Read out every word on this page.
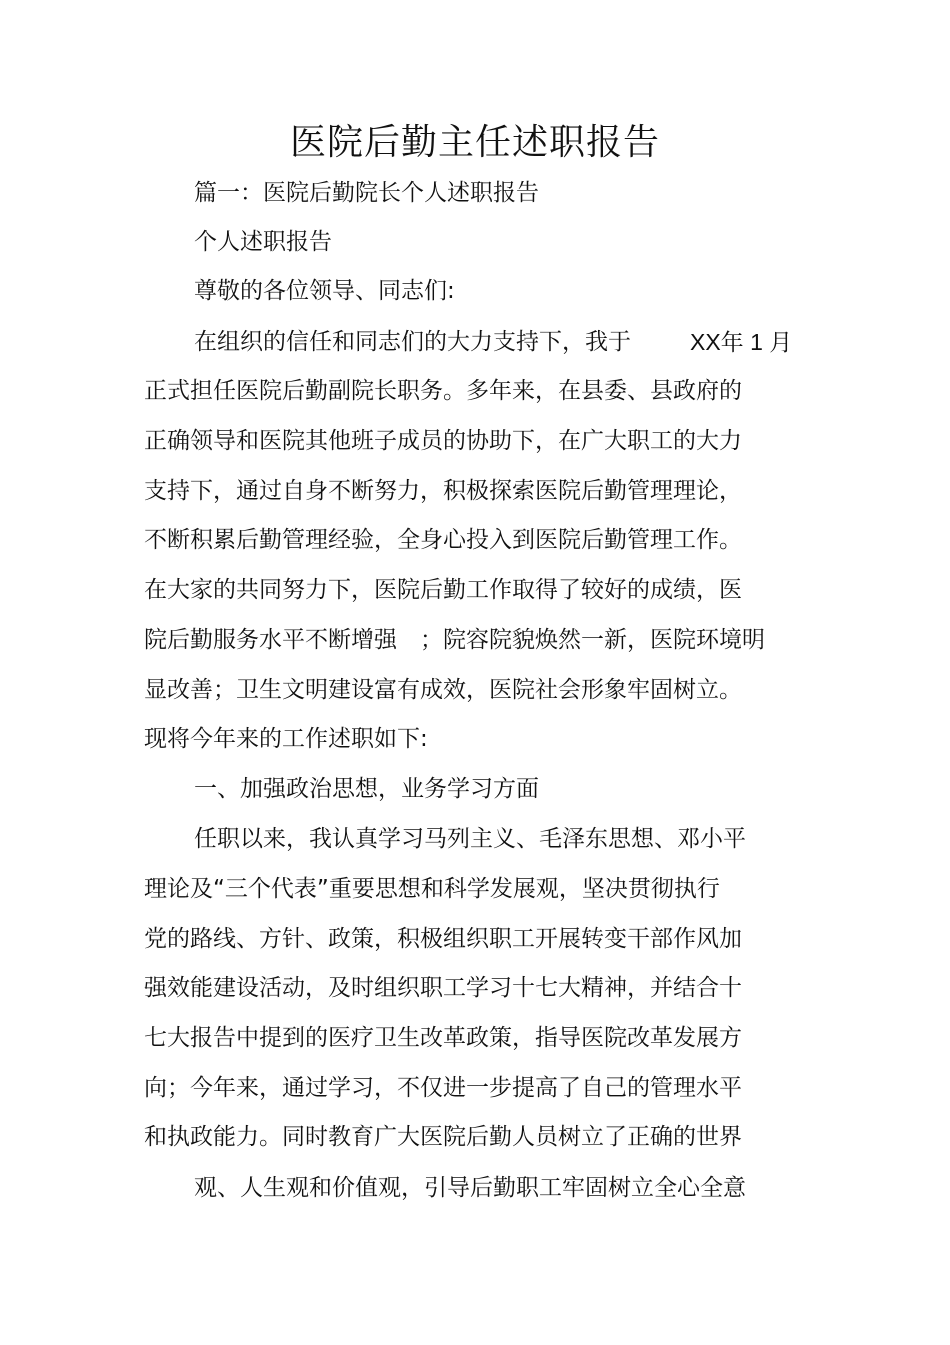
医院后勤主任述职报告

篇一：医院后勤院长个人述职报告

个人述职报告

尊敬的各位领导、同志们:

在组织的信任和同志们的大力支持下，我于	XX年 1 月

正式担任医院后勤副院长职务。多年来，在县委、县政府的

正确领导和医院其他班子成员的协助下，在广大职工的大力

支持下，通过自身不断努力，积极探索医院后勤管理理论，

不断积累后勤管理经验，全身心投入到医院后勤管理工作。

在大家的共同努力下，医院后勤工作取得了较好的成绩，医

院后勤服务水平不断增强　；院容院貌焕然一新，医院环境明

显改善；卫生文明建设富有成效，医院社会形象牢固树立。

现将今年来的工作述职如下:

一、加强政治思想，业务学习方面

任职以来，我认真学习马列主义、毛泽东思想、邓小平

理论及“三个代表”重要思想和科学发展观，坚决贯彻执行

党的路线、方针、政策，积极组织职工开展转变干部作风加

强效能建设活动，及时组织职工学习十七大精神，并结合十

七大报告中提到的医疗卫生改革政策，指导医院改革发展方

向；今年来，通过学习，不仅进一步提高了自己的管理水平

和执政能力。同时教育广大医院后勤人员树立了正确的世界

观、人生观和价值观，引导后勤职工牢固树立全心全意
